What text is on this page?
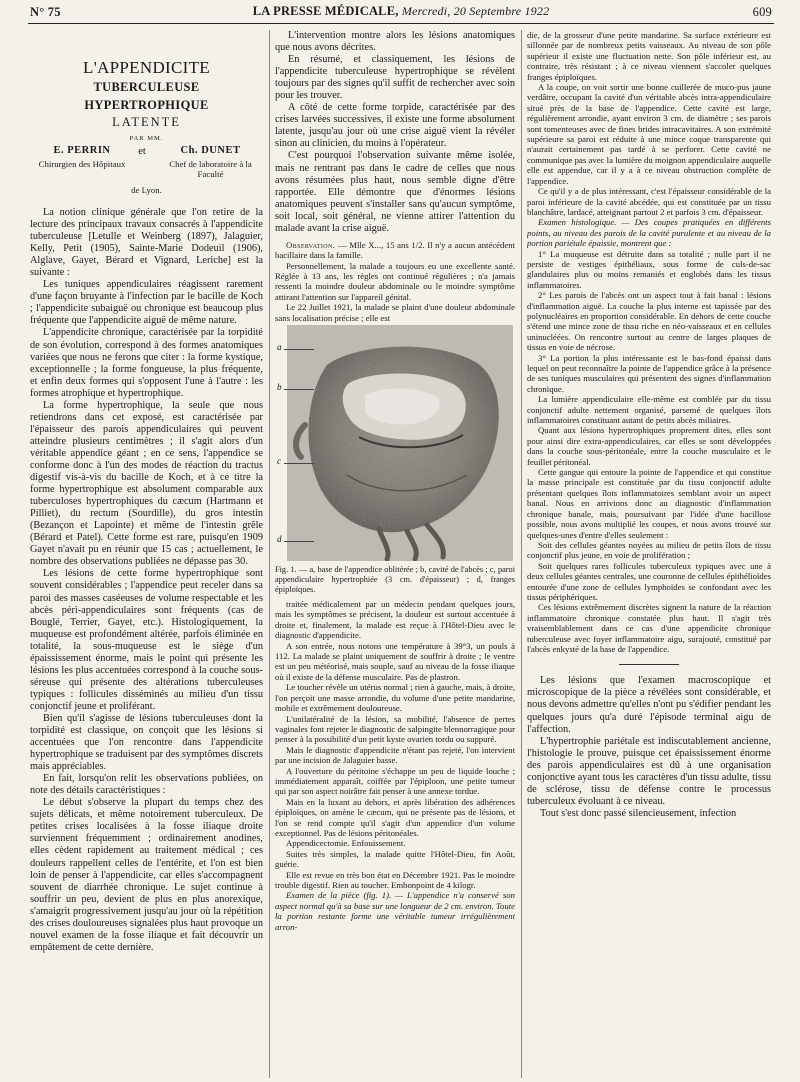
N° 75	LA PRESSE MÉDICALE, Mercredi, 20 Septembre 1922	609

L'APPENDICITE

TUBERCULEUSE HYPERTROPHIQUE

LATENTE

PAR MM.

E. PERRIN
Chirurgien des Hôpitaux
et	Ch. DUNET
Chef de laboratoire à la Faculté
de Lyon.

La notion clinique générale que l'on retire de la lecture des principaux travaux consacrés à l'appendicite tuberculeuse [Letulle et Weinberg (1897), Jalaguier, Kelly, Petit (1905), Sainte-Marie Dodeuil (1906), Alglave, Gayet, Bérard et Vignard, Leriche] est la suivante :

Les tuniques appendiculaires réagissent rarement d'une façon bruyante à l'infection par le bacille de Koch ; l'appendicite subaiguë ou chronique est beaucoup plus fréquente que l'appendicite aiguë de même nature.

L'appendicite chronique, caractérisée par la torpidité de son évolution, correspond à des formes anatomiques variées que nous ne ferons que citer : la forme kystique, exceptionnelle ; la forme fongueuse, la plus fréquente, et enfin deux formes qui s'opposent l'une à l'autre : les formes atrophique et hypertrophique.

La forme hypertrophique, la seule que nous retiendrons dans cet exposé, est caractérisée par l'épaisseur des parois appendiculaires qui peuvent atteindre plusieurs centimètres ; il s'agit alors d'un véritable appendice géant ; en ce sens, l'appendice se conforme donc à l'un des modes de réaction du tractus digestif vis-à-vis du bacille de Koch, et à ce titre la forme hypertrophique est absolument comparable aux tuberculoses hypertrophiques du cæcum (Hartmann et Pilliet), du rectum (Sourdille), du gros intestin (Bezançon et Lapointe) et même de l'intestin grêle (Bérard et Patel). Cette forme est rare, puisqu'en 1909 Gayet n'avait pu en réunir que 15 cas ; actuellement, le nombre des observations publiées ne dépasse pas 30.

Les lésions de cette forme hypertrophique sont souvent considérables ; l'appendice peut receler dans sa paroi des masses caséeuses de volume respectable et les abcès péri-appendiculaires sont fréquents (cas de Bouglé, Terrier, Gayet, etc.). Histologiquement, la muqueuse est profondément altérée, parfois éliminée en totalité, la sous-muqueuse est le siège d'un épaississement énorme, mais le point qui présente les lésions les plus accentuées correspond à la couche sous-séreuse qui présente des altérations tuberculeuses typiques : follicules disséminés au milieu d'un tissu conjonctif jeune et proliférant.

Bien qu'il s'agisse de lésions tuberculeuses dont la torpidité est classique, on conçoit que les lésions si accentuées que l'on rencontre dans l'appendicite hypertrophique se traduisent par des symptômes discrets mais appréciables.

En fait, lorsqu'on relit les observations publiées, on note des détails caractéristiques :

Le début s'observe la plupart du temps chez des sujets délicats, et même notoirement tuberculeux. De petites crises localisées à la fosse iliaque droite surviennent fréquemment ; ordinairement anodines, elles cèdent rapidement au traitement médical ; ces douleurs rappellent celles de l'entérite, et l'on est bien loin de penser à l'appendicite, car elles s'accompagnent souvent de diarrhée chronique. Le sujet continue à souffrir un peu, devient de plus en plus anorexique, s'amaigrit progressivement jusqu'au jour où la répétition des crises douloureuses signalées plus haut provoque un nouvel examen de la fosse iliaque et fait découvrir un empâtement de cette dernière.

L'intervention montre alors les lésions anatomiques que nous avons décrites.

En résumé, et classiquement, les lésions de l'appendicite tuberculeuse hypertrophique se révèlent toujours par des signes qu'il suffit de rechercher avec soin pour les trouver.

A côté de cette forme torpide, caractérisée par des crises larvées successives, il existe une forme absolument latente, jusqu'au jour où une crise aiguë vient la révéler sinon au clinicien, du moins à l'opérateur.

C'est pourquoi l'observation suivante même isolée, mais ne rentrant pas dans le cadre de celles que nous avons résumées plus haut, nous semble digne d'être rapportée. Elle démontre que d'énormes lésions anatomiques peuvent s'installer sans qu'aucun symptôme, soit local, soit général, ne vienne attirer l'attention du malade avant la crise aiguë.

Observation. — Mlle X..., 15 ans 1/2. Il n'y a aucun antécédent bacillaire dans la famille.

Personnellement, la malade a toujours eu une excellente santé. Réglée à 13 ans, les règles ont continué régulières ; n'a jamais ressenti la moindre douleur abdominale ou le moindre symptôme attirant l'attention sur l'appareil génital.

Le 22 Juillet 1921, la malade se plaint d'une douleur abdominale sans localisation précise ; elle est

a
b
c
d

Fig. 1. — a, base de l'appendice oblitérée ; b, cavité de l'abcès ; c, paroi appendiculaire hypertrophiée (3 cm. d'épaisseur) ; d, franges épiploïques.

traitée médicalement par un médecin pendant quelques jours, mais les symptômes se précisent, la douleur est surtout accentuée à droite et, finalement, la malade est reçue à l'Hôtel-Dieu avec le diagnostic d'appendicite.

A son entrée, nous notons une température à 39°3, un pouls à 112. La malade se plaint uniquement de souffrir à droite ; le ventre est un peu météorisé, mais souple, sauf au niveau de la fosse iliaque où il existe de la défense musculaire. Pas de plastron.

Le toucher révèle un utérus normal ; rien à gauche, mais, à droite, l'on perçoit une masse arrondie, du volume d'une petite mandarine, mobile et extrêmement douloureuse.

L'unilatéralité de la lésion, sa mobilité, l'absence de pertes vaginales font rejeter le diagnostic de salpingite blennorragique pour penser à la possibilité d'un petit kyste ovarien tordu ou suppuré.

Mais le diagnostic d'appendicite n'étant pas rejeté, l'on intervient par une incision de Jalaguier basse.

A l'ouverture du péritoine s'échappe un peu de liquide louche ; immédiatement apparaît, coiffée par l'épiploon, une petite tumeur qui par son aspect noirâtre fait penser à une annexe tordue.

Mais en la luxant au dehors, et après libération des adhérences épiploïques, on amène le cæcum, qui ne présente pas de lésions, et l'on se rend compte qu'il s'agit d'un appendice d'un volume exceptionnel. Pas de lésions péritonéales.

Appendicectomie. Enfouissement.

Suites très simples, la malade quitte l'Hôtel-Dieu, fin Août, guérie.

Elle est revue en très bon état en Décembre 1921. Pas le moindre trouble digestif. Rien au toucher. Embonpoint de 4 kilogr.

Examen de la pièce (fig. 1). — L'appendice n'a conservé son aspect normal qu'à sa base sur une longueur de 2 cm. environ. Toute la portion restante forme une véritable tumeur irrégulièrement arron-

die, de la grosseur d'une petite mandarine. Sa surface extérieure est sillonnée par de nombreux petits vaisseaux. Au niveau de son pôle supérieur il existe une fluctuation nette. Son pôle inférieur est, au contraire, très résistant ; à ce niveau viennent s'accoler quelques franges épiploïques.

A la coupe, on voit sortir une bonne cuillerée de muco-pus jaune verdâtre, occupant la cavité d'un véritable abcès intra-appendiculaire situé près de la base de l'appendice. Cette cavité est large, régulièrement arrondie, ayant environ 3 cm. de diamètre ; ses parois sont tomenteuses avec de fines brides intracavitaires. A son extrémité supérieure sa paroi est réduite à une mince coque transparente qui n'aurait certainement pas tardé à se perforer. Cette cavité ne communique pas avec la lumière du moignon appendiculaire auquelle elle est appendue, car il y a à ce niveau obstruction complète de l'appendice.

Ce qu'il y a de plus intéressant, c'est l'épaisseur considérable de la paroi inférieure de la cavité abcédée, qui est constituée par un tissu blanchâtre, lardacé, atteignant partout 2 et parfois 3 cm. d'épaisseur.

Examen histologique. — Des coupes pratiquées en différents points, au niveau des parois de la cavité purulente et au niveau de la portion pariétale épaissie, montrent que :

1° La muqueuse est détruite dans sa totalité ; nulle part il ne persiste de vestiges épithéliaux, sous forme de culs-de-sac glandulaires plus ou moins remaniés et englobés dans les tissus inflammatoires.

2° Les parois de l'abcès ont un aspect tout à fait banal : lésions d'inflammation aiguë. La couche la plus interne est tapissée par des polynucléaires en proportion considérable. En dehors de cette couche s'étend une mince zone de tissu riche en néo-vaisseaux et en cellules uninucléées. On rencontre surtout au centre de larges plaques de tissus en voie de nécrose.

3° La portion la plus intéressante est le bas-fond épaissi dans lequel on peut reconnaître la pointe de l'appendice grâce à la présence de ses tuniques musculaires qui présentent des signes d'inflammation chronique.

La lumière appendiculaire elle-même est comblée par du tissu conjonctif adulte nettement organisé, parsemé de quelques îlots inflammatoires constituant autant de petits abcès miliaires.

Quant aux lésions hypertrophiques proprement dites, elles sont pour ainsi dire extra-appendiculaires, car elles se sont développées dans la couche sous-péritonéale, entre la couche musculaire et le feuillet péritonéal.

Cette gangue qui entoure la pointe de l'appendice et qui constitue la masse principale est constituée par du tissu conjonctif adulte présentant quelques îlots inflammatoires semblant avoir un aspect banal. Nous en arrivions donc au diagnostic d'inflammation chronique banale, mais, poursuivant par l'idée d'une bacillose possible, nous avons multiplié les coupes, et nous avons trouvé sur quelques-unes d'entre d'elles seulement :

Soit des cellules géantes noyées au milieu de petits îlots de tissu conjonctif plus jeune, en voie de prolifération ;

Soit quelques rares follicules tuberculeux typiques avec une à deux cellules géantes centrales, une couronne de cellules épithélioïdes entourée d'une zone de cellules lymphoïdes se confondant avec les tissus périphériques.

Ces lésions extrêmement discrètes signent la nature de la réaction inflammatoire chronique constatée plus haut. Il s'agit très vraisemblablement dans ce cas d'une appendicite chronique tuberculeuse avec foyer inflammatoire aigu, surajouté, constitué par l'abcès enkysté de la base de l'appendice.

Les lésions que l'examen macroscopique et microscopique de la pièce a révélées sont considérable, et nous devons admettre qu'elles n'ont pu s'édifier pendant les quelques jours qu'a duré l'épisode terminal aigu de l'affection.

L'hypertrophie pariétale est indiscutablement ancienne, l'histologie le prouve, puisque cet épaississement énorme des parois appendiculaires est dû à une organisation conjonctive ayant tous les caractères d'un tissu adulte, tissu de sclérose, tissu de défense contre le processus tuberculeux évoluant à ce niveau.

Tout s'est donc passé silencieusement, infection
